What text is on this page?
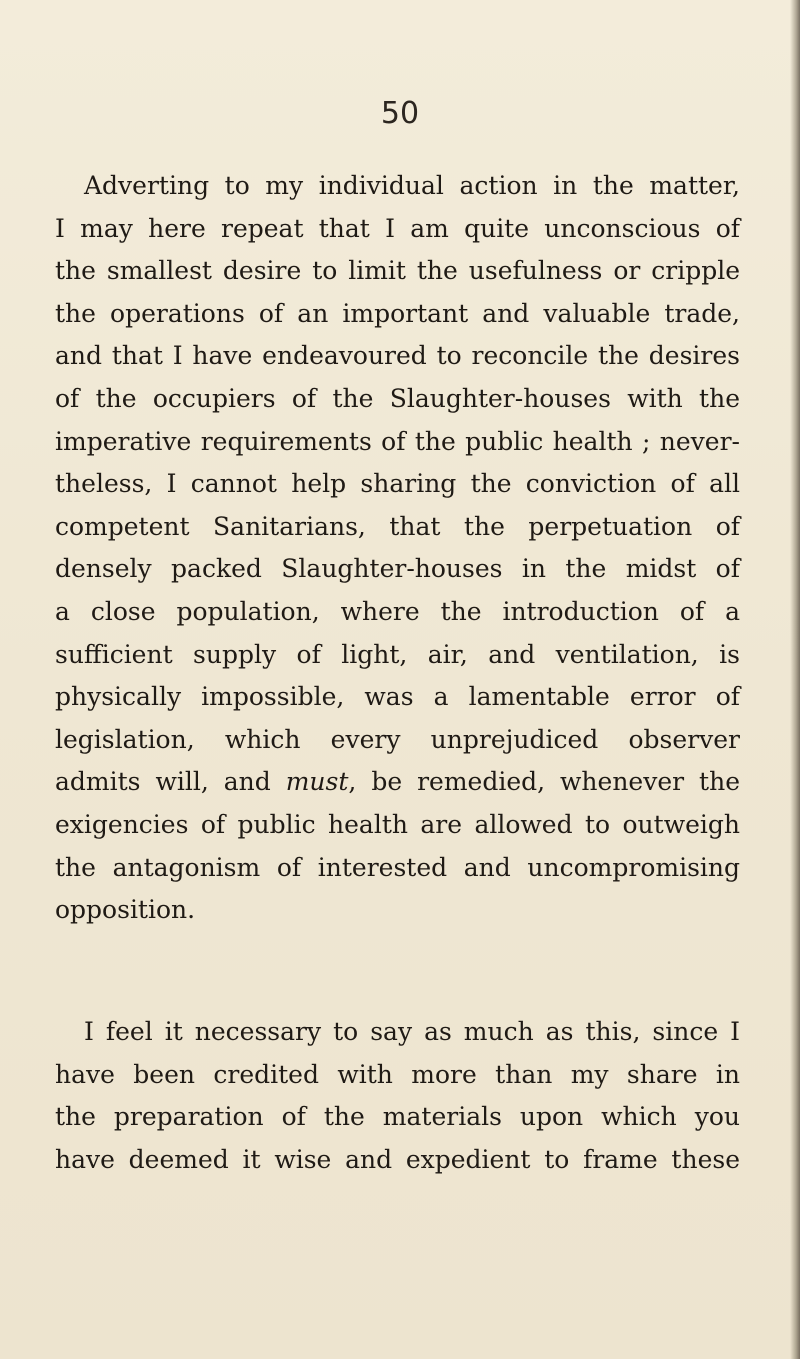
50

Adverting to my individual action in the matter,
I may here repeat that I am quite unconscious of
the smallest desire to limit the usefulness or cripple
the operations of an important and valuable trade,
and that I have endeavoured to reconcile the desires
of the occupiers of the Slaughter-houses with the
imperative requirements of the public health ; never-
theless, I cannot help sharing the conviction of all
competent Sanitarians, that the perpetuation of
densely packed Slaughter-houses in the midst of
a close population, where the introduction of a
sufficient supply of light, air, and ventilation, is
physically impossible, was a lamentable error of
legislation, which every unprejudiced observer
admits will, and must, be remedied, whenever the
exigencies of public health are allowed to outweigh
the antagonism of interested and uncompromising
opposition.
I feel it necessary to say as much as this, since I
have been credited with more than my share in
the preparation of the materials upon which you
have deemed it wise and expedient to frame these
